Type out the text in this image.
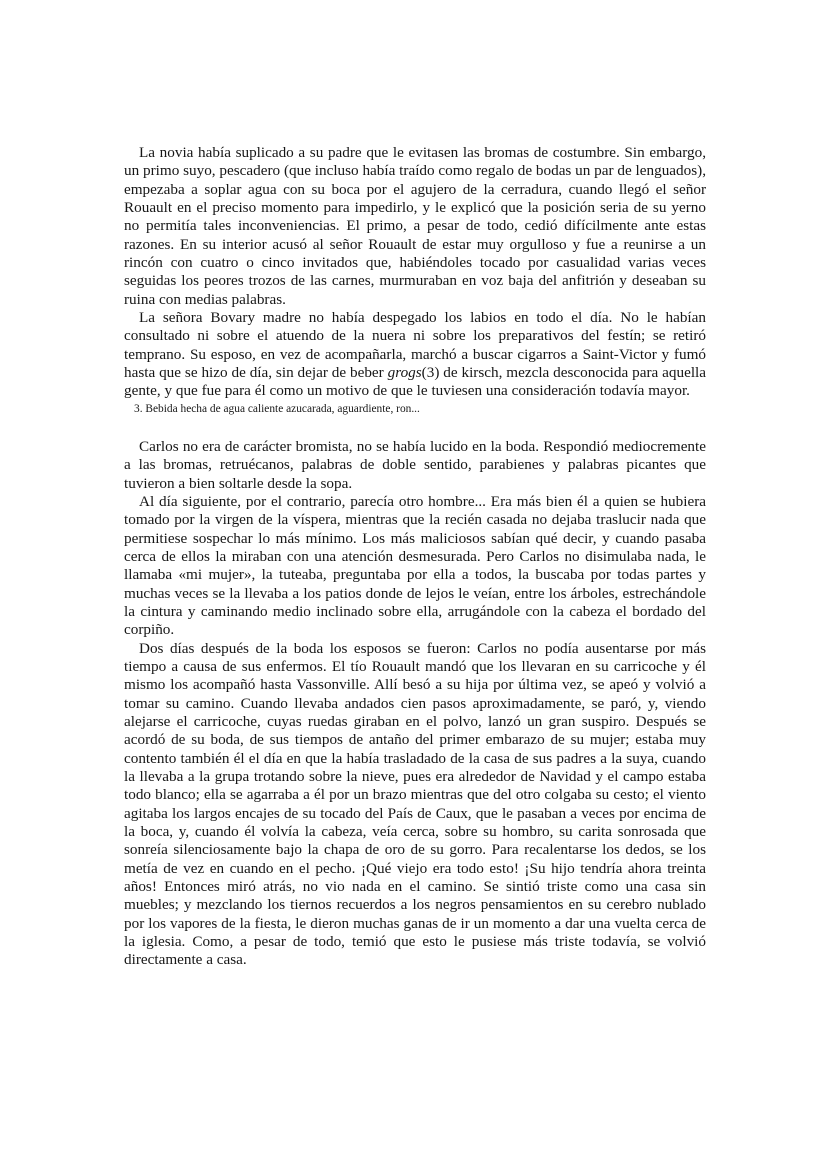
La novia había suplicado a su padre que le evitasen las bromas de costumbre. Sin embargo, un primo suyo, pescadero (que incluso había traído como regalo de bodas un par de lenguados), empezaba a soplar agua con su boca por el agujero de la cerradura, cuando llegó el señor Rouault en el preciso momento para impedirlo, y le explicó que la posición seria de su yerno no permitía tales inconveniencias. El primo, a pesar de todo, cedió difícilmente ante estas razones. En su interior acusó al señor Rouault de estar muy orgulloso y fue a reunirse a un rincón con cuatro o cinco invitados que, habiéndoles tocado por casualidad varias veces seguidas los peores trozos de las carnes, murmuraban en voz baja del anfitrión y deseaban su ruina con medias palabras.

La señora Bovary madre no había despegado los labios en todo el día. No le habían consultado ni sobre el atuendo de la nuera ni sobre los preparativos del festín; se retiró temprano. Su esposo, en vez de acompañarla, marchó a buscar cigarros a Saint-Victor y fumó hasta que se hizo de día, sin dejar de beber grogs(3) de kirsch, mezcla desconocida para aquella gente, y que fue para él como un motivo de que le tuviesen una consideración todavía mayor.

3. Bebida hecha de agua caliente azucarada, aguardiente, ron...

Carlos no era de carácter bromista, no se había lucido en la boda. Respondió mediocremente a las bromas, retruécanos, palabras de doble sentido, parabienes y palabras picantes que tuvieron a bien soltarle desde la sopa.

Al día siguiente, por el contrario, parecía otro hombre... Era más bien él a quien se hubiera tomado por la virgen de la víspera, mientras que la recién casada no dejaba traslucir nada que permitiese sospechar lo más mínimo. Los más maliciosos sabían qué decir, y cuando pasaba cerca de ellos la miraban con una atención desmesurada. Pero Carlos no disimulaba nada, le llamaba «mi mujer», la tuteaba, preguntaba por ella a todos, la buscaba por todas partes y muchas veces se la llevaba a los patios donde de lejos le veían, entre los árboles, estrechándole la cintura y caminando medio inclinado sobre ella, arrugándole con la cabeza el bordado del corpiño.

Dos días después de la boda los esposos se fueron: Carlos no podía ausentarse por más tiempo a causa de sus enfermos. El tío Rouault mandó que los llevaran en su carricoche y él mismo los acompañó hasta Vassonville. Allí besó a su hija por última vez, se apeó y volvió a tomar su camino. Cuando llevaba andados cien pasos aproximadamente, se paró, y, viendo alejarse el carricoche, cuyas ruedas giraban en el polvo, lanzó un gran suspiro. Después se acordó de su boda, de sus tiempos de antaño del primer embarazo de su mujer; estaba muy contento también él el día en que la había trasladado de la casa de sus padres a la suya, cuando la llevaba a la grupa trotando sobre la nieve, pues era alrededor de Navidad y el campo estaba todo blanco; ella se agarraba a él por un brazo mientras que del otro colgaba su cesto; el viento agitaba los largos encajes de su tocado del País de Caux, que le pasaban a veces por encima de la boca, y, cuando él volvía la cabeza, veía cerca, sobre su hombro, su carita sonrosada que sonreía silenciosamente bajo la chapa de oro de su gorro. Para recalentarse los dedos, se los metía de vez en cuando en el pecho. ¡Qué viejo era todo esto! ¡Su hijo tendría ahora treinta años! Entonces miró atrás, no vio nada en el camino. Se sintió triste como una casa sin muebles; y mezclando los tiernos recuerdos a los negros pensamientos en su cerebro nublado por los vapores de la fiesta, le dieron muchas ganas de ir un momento a dar una vuelta cerca de la iglesia. Como, a pesar de todo, temió que esto le pusiese más triste todavía, se volvió directamente a casa.
